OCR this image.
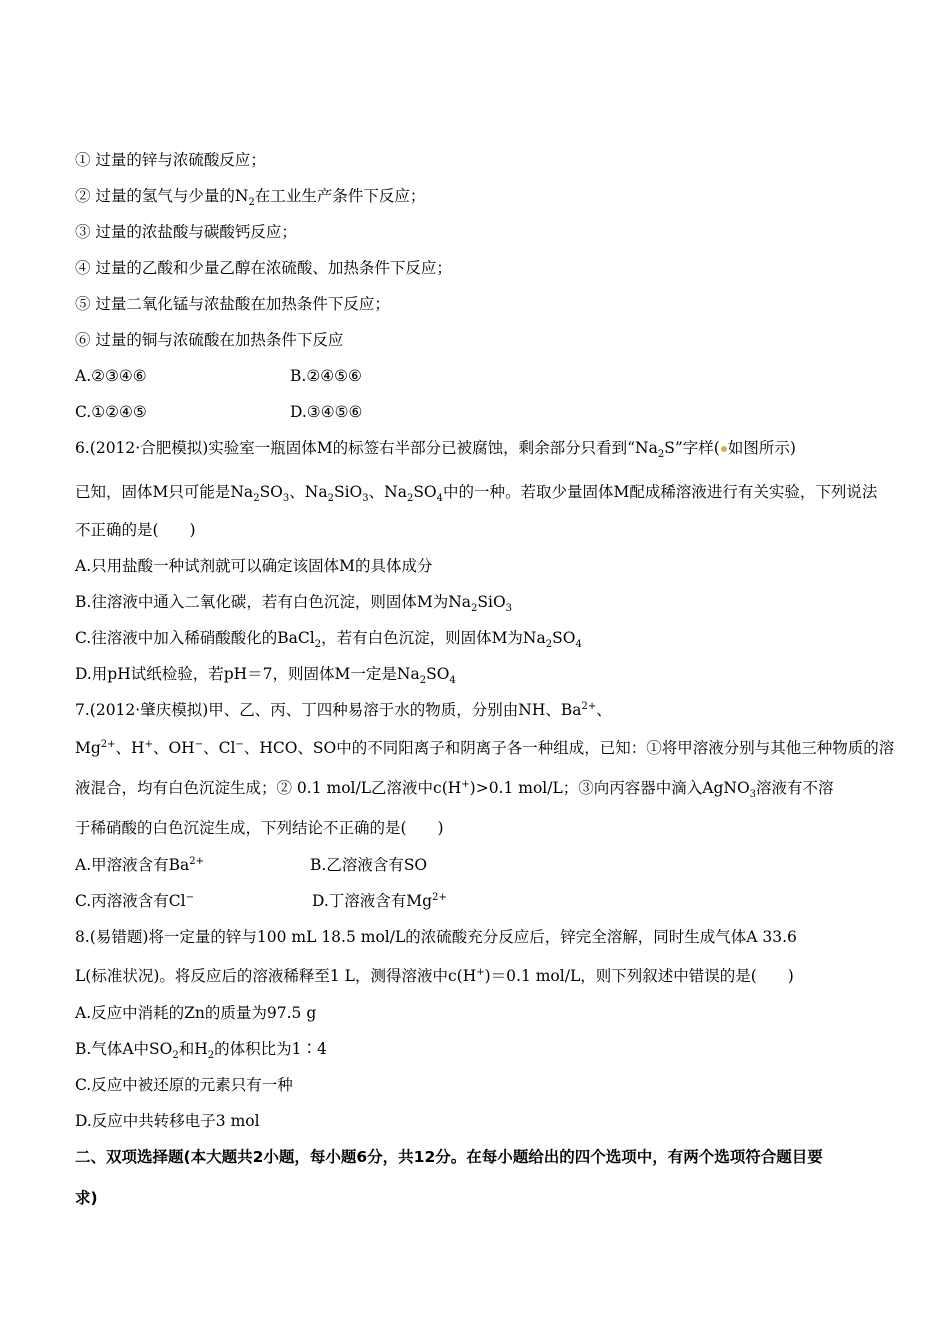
① 过量的锌与浓硫酸反应；
② 过量的氢气与少量的$N_2$在工业生产条件下反应；
③ 过量的浓盐酸与碳酸钙反应；
④ 过量的乙酸和少量乙醇在浓硫酸、加热条件下反应；
⑤ 过量二氧化锰与浓盐酸在加热条件下反应；
⑥ 过量的铜与浓硫酸在加热条件下反应
A.②③④⑥	B.②④⑤⑥
C.①②④⑤	D.③④⑤⑥
6.(2012·合肥模拟)实验室一瓶固体M的标签右半部分已被腐蚀，剩余部分只看到“$Na_2S$”字样( 如图所示)
已知，固体M只可能是$Na_2SO_3$、$Na_2SiO_3$、$Na_2SO_4$中的一种。若取少量固体M配成稀溶液进行有关实验，下列说法
不正确的是(　　)
A.只用盐酸一种试剂就可以确定该固体M的具体成分
B.往溶液中通入二氧化碳，若有白色沉淀，则固体M为$Na_2SiO_3$
C.往溶液中加入稀硝酸酸化的BaCl$_2$，若有白色沉淀，则固体M为$Na_2SO_4$
D.用pH试纸检验，若pH＝7，则固体M一定是$Na_2SO_4$
7.(2012·肇庆模拟)甲、乙、丙、丁四种易溶于水的物质，分别由NH、$Ba^{2+}$、
$Mg^{2+}$、H+、OH−、Cl−、HCO、SO中的不同阳离子和阴离子各一种组成，已知：①将甲溶液分别与其他三种物质的溶
液混合，均有白色沉淀生成；② 0.1 mol/L乙溶液中c(H+)>0.1 mol/L；③向丙容器中滴入AgNO$_3$溶液有不溶
于稀硝酸的白色沉淀生成，下列结论不正确的是(　　)
A.甲溶液含有$Ba^{2+}$	B.乙溶液含有SO
C.丙溶液含有Cl−	D.丁溶液含有$Mg^{2+}$
8.(易错题)将一定量的锌与100 mL 18.5 mol/L的浓硫酸充分反应后，锌完全溶解，同时生成气体A 33.6
L(标准状况)。将反应后的溶液稀释至1 L，测得溶液中c(H+)＝0.1 mol/L，则下列叙述中错误的是(　　)
A.反应中消耗的Zn的质量为97.5 g
B.气体A中$SO_2$和$H_2$的体积比为1∶4
C.反应中被还原的元素只有一种
D.反应中共转移电子3 mol
二、双项选择题(本大题共2小题，每小题6分，共12分。在每小题给出的四个选项中，有两个选项符合题目要
求)
